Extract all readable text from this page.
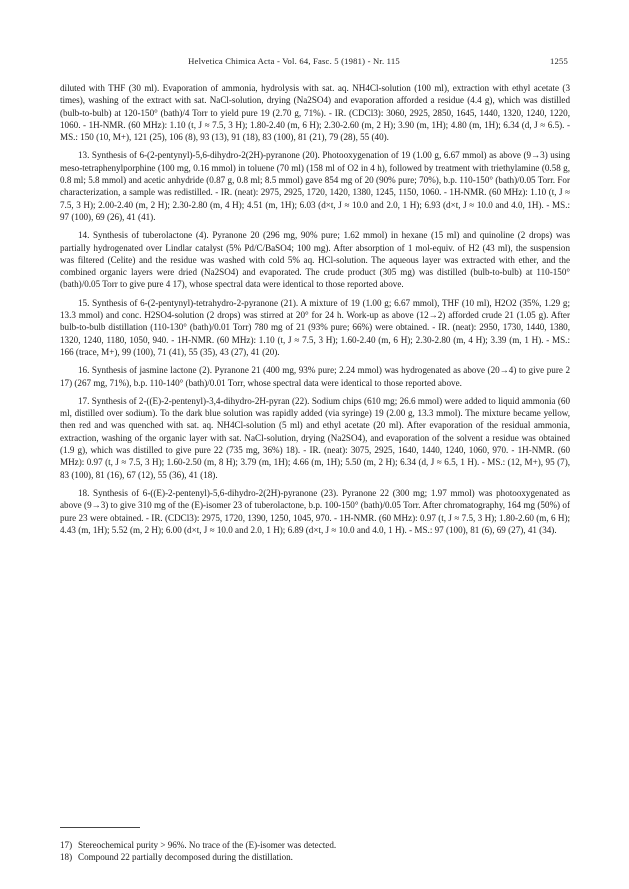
Helvetica Chimica Acta - Vol. 64, Fasc. 5 (1981) - Nr. 115	1255

diluted with THF (30 ml). Evaporation of ammonia, hydrolysis with sat. aq. NH4Cl-solution (100 ml), extraction with ethyl acetate (3 times), washing of the extract with sat. NaCl-solution, drying (Na2SO4) and evaporation afforded a residue (4.4 g), which was distilled (bulb-to-bulb) at 120-150° (bath)/4 Torr to yield pure 19 (2.70 g, 71%). - IR. (CDCl3): 3060, 2925, 2850, 1645, 1440, 1320, 1240, 1220, 1060. - 1H-NMR. (60 MHz): 1.10 (t, J ≈ 7.5, 3 H); 1.80-2.40 (m, 6 H); 2.30-2.60 (m, 2 H); 3.90 (m, 1H); 4.80 (m, 1H); 6.34 (d, J ≈ 6.5). - MS.: 150 (10, M+), 121 (25), 106 (8), 93 (13), 91 (18), 83 (100), 81 (21), 79 (28), 55 (40).

13. Synthesis of 6-(2-pentynyl)-5,6-dihydro-2(2H)-pyranone (20). Photooxygenation of 19 (1.00 g, 6.67 mmol) as above (9→3) using meso-tetraphenylporphine (100 mg, 0.16 mmol) in toluene (70 ml) (158 ml of O2 in 4 h), followed by treatment with triethylamine (0.58 g, 0.8 ml; 5.8 mmol) and acetic anhydride (0.87 g, 0.8 ml; 8.5 mmol) gave 854 mg of 20 (90% pure; 70%), b.p. 110-150° (bath)/0.05 Torr. For characterization, a sample was redistilled. - IR. (neat): 2975, 2925, 1720, 1420, 1380, 1245, 1150, 1060. - 1H-NMR. (60 MHz): 1.10 (t, J ≈ 7.5, 3 H); 2.00-2.40 (m, 2 H); 2.30-2.80 (m, 4 H); 4.51 (m, 1H); 6.03 (d×t, J ≈ 10.0 and 2.0, 1 H); 6.93 (d×t, J ≈ 10.0 and 4.0, 1H). - MS.: 97 (100), 69 (26), 41 (41).

14. Synthesis of tuberolactone (4). Pyranone 20 (296 mg, 90% pure; 1.62 mmol) in hexane (15 ml) and quinoline (2 drops) was partially hydrogenated over Lindlar catalyst (5% Pd/C/BaSO4; 100 mg). After absorption of 1 mol-equiv. of H2 (43 ml), the suspension was filtered (Celite) and the residue was washed with cold 5% aq. HCl-solution. The aqueous layer was extracted with ether, and the combined organic layers were dried (Na2SO4) and evaporated. The crude product (305 mg) was distilled (bulb-to-bulb) at 110-150° (bath)/0.05 Torr to give pure 4 17), whose spectral data were identical to those reported above.

15. Synthesis of 6-(2-pentynyl)-tetrahydro-2-pyranone (21). A mixture of 19 (1.00 g; 6.67 mmol), THF (10 ml), H2O2 (35%, 1.29 g; 13.3 mmol) and conc. H2SO4-solution (2 drops) was stirred at 20° for 24 h. Work-up as above (12→2) afforded crude 21 (1.05 g). After bulb-to-bulb distillation (110-130° (bath)/0.01 Torr) 780 mg of 21 (93% pure; 66%) were obtained. - IR. (neat): 2950, 1730, 1440, 1380, 1320, 1240, 1180, 1050, 940. - 1H-NMR. (60 MHz): 1.10 (t, J ≈ 7.5, 3 H); 1.60-2.40 (m, 6 H); 2.30-2.80 (m, 4 H); 3.39 (m, 1 H). - MS.: 166 (trace, M+), 99 (100), 71 (41), 55 (35), 43 (27), 41 (20).

16. Synthesis of jasmine lactone (2). Pyranone 21 (400 mg, 93% pure; 2.24 mmol) was hydrogenated as above (20→4) to give pure 2 17) (267 mg, 71%), b.p. 110-140° (bath)/0.01 Torr, whose spectral data were identical to those reported above.

17. Synthesis of 2-((E)-2-pentenyl)-3,4-dihydro-2H-pyran (22). Sodium chips (610 mg; 26.6 mmol) were added to liquid ammonia (60 ml, distilled over sodium). To the dark blue solution was rapidly added (via syringe) 19 (2.00 g, 13.3 mmol). The mixture became yellow, then red and was quenched with sat. aq. NH4Cl-solution (5 ml) and ethyl acetate (20 ml). After evaporation of the residual ammonia, extraction, washing of the organic layer with sat. NaCl-solution, drying (Na2SO4), and evaporation of the solvent a residue was obtained (1.9 g), which was distilled to give pure 22 (735 mg, 36%) 18). - IR. (neat): 3075, 2925, 1640, 1440, 1240, 1060, 970. - 1H-NMR. (60 MHz): 0.97 (t, J ≈ 7.5, 3 H); 1.60-2.50 (m, 8 H); 3.79 (m, 1H); 4.66 (m, 1H); 5.50 (m, 2 H); 6.34 (d, J ≈ 6.5, 1 H). - MS.: (12, M+), 95 (7), 83 (100), 81 (16), 67 (12), 55 (36), 41 (18).

18. Synthesis of 6-((E)-2-pentenyl)-5,6-dihydro-2(2H)-pyranone (23). Pyranone 22 (300 mg; 1.97 mmol) was photooxygenated as above (9→3) to give 310 mg of the (E)-isomer 23 of tuberolactone, b.p. 100-150° (bath)/0.05 Torr. After chromatography, 164 mg (50%) of pure 23 were obtained. - IR. (CDCl3): 2975, 1720, 1390, 1250, 1045, 970. - 1H-NMR. (60 MHz): 0.97 (t, J ≈ 7.5, 3 H); 1.80-2.60 (m, 6 H); 4.43 (m, 1H); 5.52 (m, 2 H); 6.00 (d×t, J ≈ 10.0 and 2.0, 1 H); 6.89 (d×t, J ≈ 10.0 and 4.0, 1 H). - MS.: 97 (100), 81 (6), 69 (27), 41 (34).

17) Stereochemical purity > 96%. No trace of the (E)-isomer was detected.

18) Compound 22 partially decomposed during the distillation.
